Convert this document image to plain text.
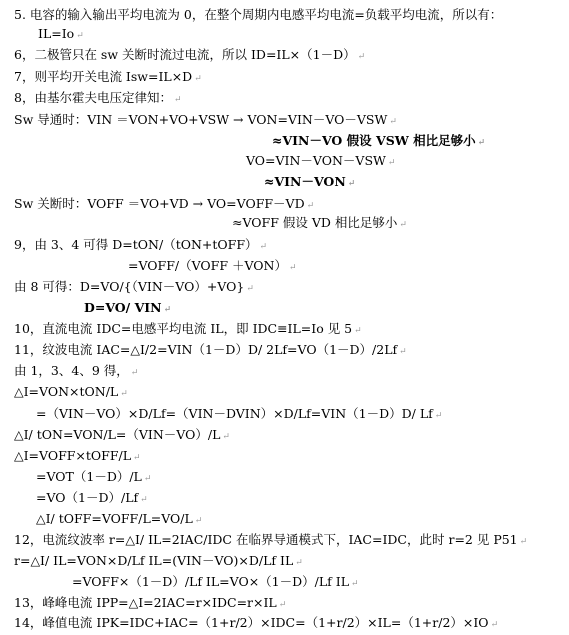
5. 电容的输入输出平均电流为 0，在整个周期内电感平均电流=负载平均电流，所以有：
IL=Io ↵
6，二极管只在 sw 关断时流过电流，所以 ID=IL×（1－D） ↵
7，则平均开关电流 Isw=IL×D ↵
8，由基尔霍夫电压定律知： ↵
Sw 导通时：VIN ＝VON+VO+VSW → VON=VIN－VO－VSW ↵
≈VIN－VO 假设 VSW 相比足够小 ↵
VO=VIN－VON－VSW ↵
≈VIN－VON ↵
Sw 关断时：VOFF ＝VO+VD → VO=VOFF－VD ↵
≈VOFF 假设 VD 相比足够小 ↵
9，由 3、4 可得 D=tON/（tON+tOFF） ↵
=VOFF/（VOFF ＋VON） ↵
由 8 可得：D=VO/{（VIN－VO）+VO} ↵
D=VO/ VIN ↵
10，直流电流 IDC=电感平均电流 IL，即 IDC≡IL=Io 见 5 ↵
11，纹波电流 IAC=△I/2=VIN（1－D）D/ 2Lf=VO（1－D）/2Lf ↵
由 1，3、4、9 得， ↵
△I=VON×tON/L ↵
=（VIN－VO）×D/Lf=（VIN－DVIN）×D/Lf=VIN（1－D）D/ Lf ↵
△I/ tON=VON/L=（VIN－VO）/L ↵
△I=VOFF×tOFF/L ↵
=VOT（1－D）/L ↵
=VO（1－D）/Lf ↵
△I/ tOFF=VOFF/L=VO/L ↵
12，电流纹波率 r=△I/ IL=2IAC/IDC 在临界导通模式下，IAC=IDC，此时 r=2 见 P51 ↵
r=△I/ IL=VON×D/Lf IL=(VIN－VO)×D/Lf IL ↵
=VOFF×（1－D）/Lf IL=VO×（1－D）/Lf IL ↵
13，峰峰电流 IPP=△I=2IAC=r×IDC=r×IL ↵
14，峰值电流 IPK=IDC+IAC=（1+r/2）×IDC=（1+r/2）×IL=（1+r/2）×IO ↵
